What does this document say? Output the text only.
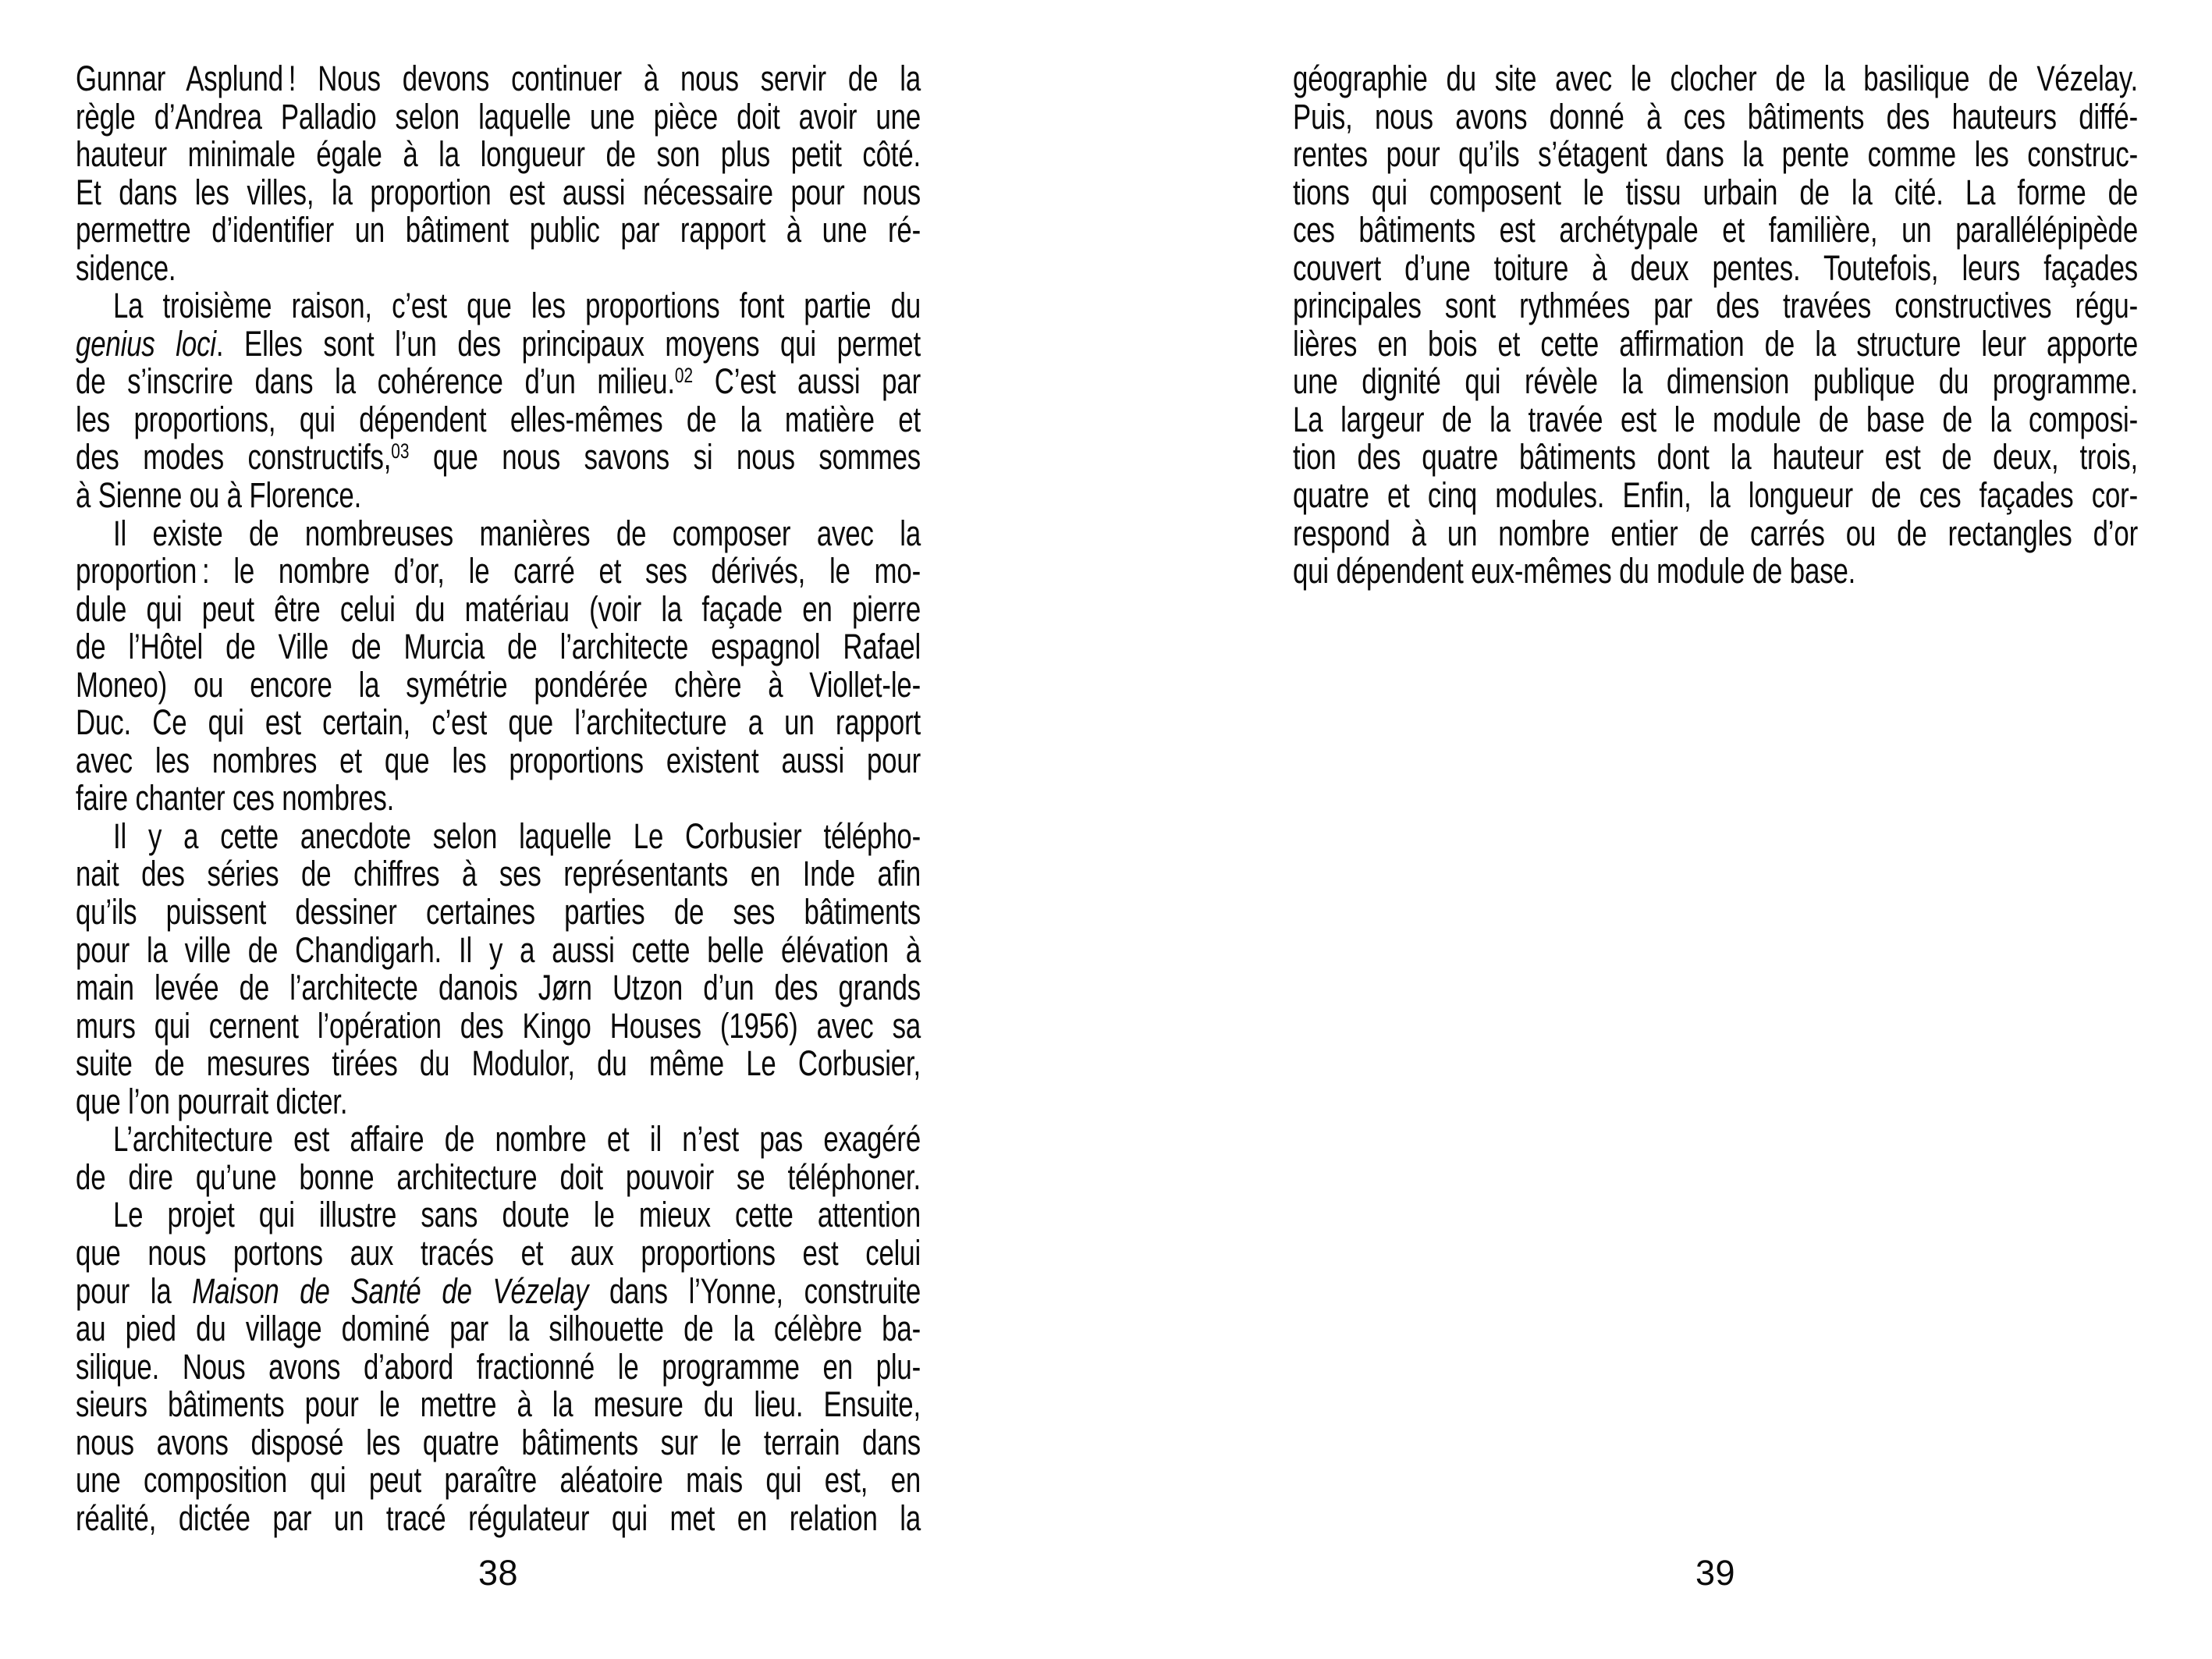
Gunnar Asplund ! Nous devons continuer à nous servir de la
règle d’Andrea Palladio selon laquelle une pièce doit avoir une
hauteur minimale égale à la longueur de son plus petit côté.
Et dans les villes, la proportion est aussi nécessaire pour nous
permettre d’identifier un bâtiment public par rapport à une ré-
sidence.
La troisième raison, c’est que les proportions font partie du
genius loci. Elles sont l’un des principaux moyens qui permet
de s’inscrire dans la cohérence d’un milieu.$^{02}$ C’est aussi par
les proportions, qui dépendent elles-mêmes de la matière et
des modes constructifs,$^{03}$ que nous savons si nous sommes
à Sienne ou à Florence.
Il existe de nombreuses manières de composer avec la
proportion : le nombre d’or, le carré et ses dérivés, le mo-
dule qui peut être celui du matériau (voir la façade en pierre
de l’Hôtel de Ville de Murcia de l’architecte espagnol Rafael
Moneo) ou encore la symétrie pondérée chère à Viollet-le-
Duc. Ce qui est certain, c’est que l’architecture a un rapport
avec les nombres et que les proportions existent aussi pour
faire chanter ces nombres.
Il y a cette anecdote selon laquelle Le Corbusier télépho-
nait des séries de chiffres à ses représentants en Inde afin
qu’ils puissent dessiner certaines parties de ses bâtiments
pour la ville de Chandigarh. Il y a aussi cette belle élévation à
main levée de l’architecte danois Jørn Utzon d’un des grands
murs qui cernent l’opération des Kingo Houses (1956) avec sa
suite de mesures tirées du Modulor, du même Le Corbusier,
que l’on pourrait dicter.
L’architecture est affaire de nombre et il n’est pas exagéré
de dire qu’une bonne architecture doit pouvoir se téléphoner.
Le projet qui illustre sans doute le mieux cette attention
que nous portons aux tracés et aux proportions est celui
pour la Maison de Santé de Vézelay dans l’Yonne, construite
au pied du village dominé par la silhouette de la célèbre ba-
silique. Nous avons d’abord fractionné le programme en plu-
sieurs bâtiments pour le mettre à la mesure du lieu. Ensuite,
nous avons disposé les quatre bâtiments sur le terrain dans
une composition qui peut paraître aléatoire mais qui est, en
réalité, dictée par un tracé régulateur qui met en relation la
38
géographie du site avec le clocher de la basilique de Vézelay.
Puis, nous avons donné à ces bâtiments des hauteurs diffé-
rentes pour qu’ils s’étagent dans la pente comme les construc-
tions qui composent le tissu urbain de la cité. La forme de
ces bâtiments est archétypale et familière, un parallélépipède
couvert d’une toiture à deux pentes. Toutefois, leurs façades
principales sont rythmées par des travées constructives régu-
lières en bois et cette affirmation de la structure leur apporte
une dignité qui révèle la dimension publique du programme.
La largeur de la travée est le module de base de la composi-
tion des quatre bâtiments dont la hauteur est de deux, trois,
quatre et cinq modules. Enfin, la longueur de ces façades cor-
respond à un nombre entier de carrés ou de rectangles d’or
qui dépendent eux-mêmes du module de base.
39
